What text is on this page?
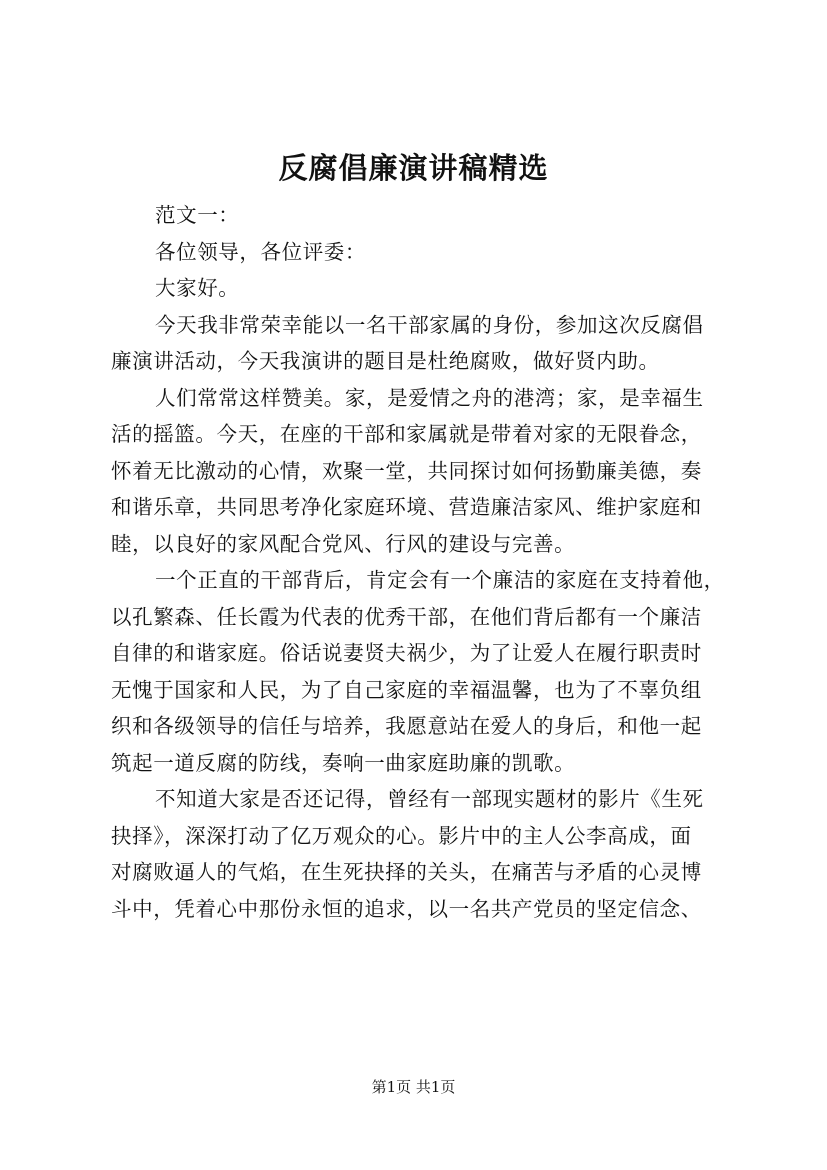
反腐倡廉演讲稿精选
范文一：
各位领导，各位评委：
大家好。
今天我非常荣幸能以一名干部家属的身份，参加这次反腐倡
廉演讲活动，今天我演讲的题目是杜绝腐败，做好贤内助。
人们常常这样赞美。家，是爱情之舟的港湾；家，是幸福生
活的摇篮。今天，在座的干部和家属就是带着对家的无限眷念，
怀着无比激动的心情，欢聚一堂，共同探讨如何扬勤廉美德，奏
和谐乐章，共同思考净化家庭环境、营造廉洁家风、维护家庭和
睦，以良好的家风配合党风、行风的建设与完善。
一个正直的干部背后，肯定会有一个廉洁的家庭在支持着他，
以孔繁森、任长霞为代表的优秀干部，在他们背后都有一个廉洁
自律的和谐家庭。俗话说妻贤夫祸少，为了让爱人在履行职责时
无愧于国家和人民，为了自己家庭的幸福温馨，也为了不辜负组
织和各级领导的信任与培养，我愿意站在爱人的身后，和他一起
筑起一道反腐的防线，奏响一曲家庭助廉的凯歌。
不知道大家是否还记得，曾经有一部现实题材的影片《生死
抉择》，深深打动了亿万观众的心。影片中的主人公李高成，面
对腐败逼人的气焰，在生死抉择的关头，在痛苦与矛盾的心灵博
斗中，凭着心中那份永恒的追求，以一名共产党员的坚定信念、
第1页 共1页
